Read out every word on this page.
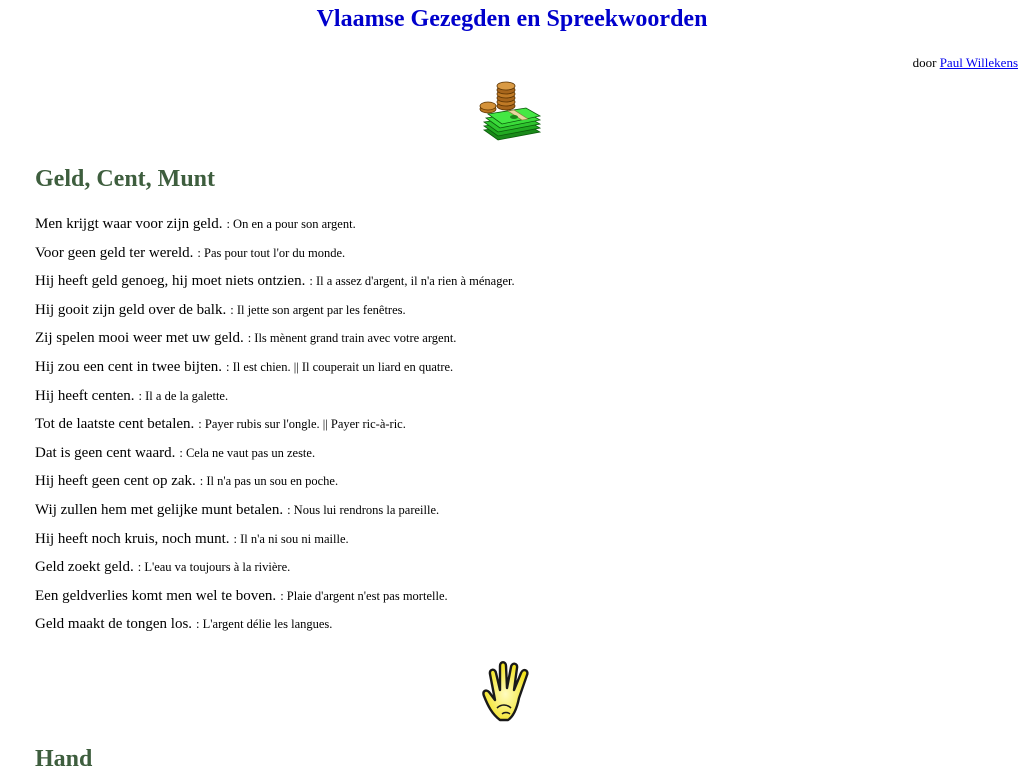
Vlaamse Gezegden en Spreekwoorden
door Paul Willekens
Geld, Cent, Munt
Men krijgt waar voor zijn geld. : On en a pour son argent.
Voor geen geld ter wereld. : Pas pour tout l'or du monde.
Hij heeft geld genoeg, hij moet niets ontzien. : Il a assez d'argent, il n'a rien à ménager.
Hij gooit zijn geld over de balk. : Il jette son argent par les fenêtres.
Zij spelen mooi weer met uw geld. : Ils mènent grand train avec votre argent.
Hij zou een cent in twee bijten. : Il est chien. || Il couperait un liard en quatre.
Hij heeft centen. : Il a de la galette.
Tot de laatste cent betalen. : Payer rubis sur l'ongle. || Payer ric-à-ric.
Dat is geen cent waard. : Cela ne vaut pas un zeste.
Hij heeft geen cent op zak. : Il n'a pas un sou en poche.
Wij zullen hem met gelijke munt betalen. : Nous lui rendrons la pareille.
Hij heeft noch kruis, noch munt. : Il n'a ni sou ni maille.
Geld zoekt geld. : L'eau va toujours à la rivière.
Een geldverlies komt men wel te boven. : Plaie d'argent n'est pas mortelle.
Geld maakt de tongen los. : L'argent délie les langues.
Hand
